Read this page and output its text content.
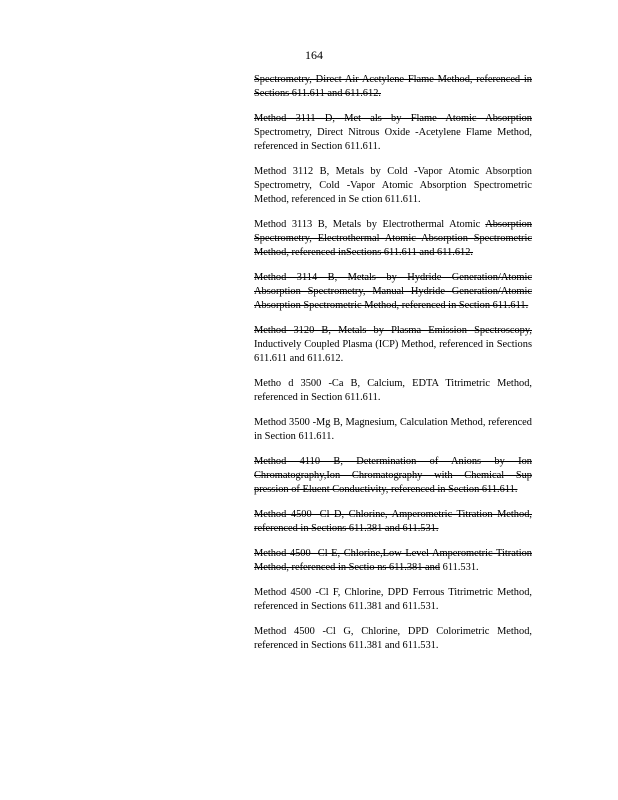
164

Spectrometry, Direct Air Acetylene Flame Method, referenced in Sections 611.611 and 611.612.

Method 3111 D, Met als by Flame Atomic Absorption Spectrometry, Direct Nitrous Oxide -Acetylene Flame Method, referenced in Section 611.611.

Method 3112 B, Metals by Cold -Vapor Atomic Absorption Spectrometry, Cold -Vapor Atomic Absorption Spectrometric Method, referenced in Se ction 611.611.

Method 3113 B, Metals by Electrothermal Atomic Absorption Spectrometry, Electrothermal Atomic Absorption Spectrometric Method, referenced inSections 611.611 and 611.612.

Method 3114 B, Metals by Hydride Generation/Atomic Absorption Spectrometry, Manual Hydride Generation/Atomic Absorption Spectrometric Method, referenced in Section 611.611.

Method 3120 B, Metals by Plasma Emission Spectroscopy, Inductively Coupled Plasma (ICP) Method, referenced in Sections 611.611 and 611.612.

Metho d 3500 -Ca B, Calcium, EDTA Titrimetric Method, referenced in Section 611.611.

Method 3500 -Mg B, Magnesium, Calculation Method, referenced in Section 611.611.

Method 4110 B, Determination of Anions by Ion Chromatography,Ion Chromatography with Chemical Sup pression of Eluent Conductivity, referenced in Section 611.611.

Method 4500 -Cl D, Chlorine, Amperometric Titration Method, referenced in Sections 611.381 and 611.531.

Method 4500 -Cl E, Chlorine,Low Level Amperometric Titration Method, referenced in Sectio ns 611.381 and 611.531.

Method 4500 -Cl F, Chlorine, DPD Ferrous Titrimetric Method, referenced in Sections 611.381 and 611.531.

Method 4500 -Cl G, Chlorine, DPD Colorimetric Method, referenced in Sections 611.381 and 611.531.
